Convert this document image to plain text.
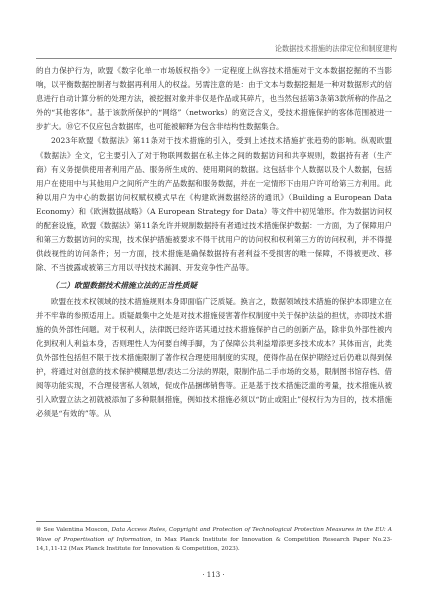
论数据技术措施的法律定位和制度建构

的自力保护行为，欧盟《数字化单一市场版权指令》一定程度上纵容技术措施对于文本数据挖掘的不当影响，以平衡数据控制者与数据再利用人的权益。另需注意的是：由于文本与数据挖掘是一种对数据形式的信息进行自动计算分析的处理方法，被挖掘对象并非仅是作品或其碎片，也当然包括第3条第3款所称的作品之外的“其他客体”。基于该款所保护的“网络”（networks）的宽泛含义，受技术措施保护的客体范围被进一步扩大。⑩它不仅应包含数据库，也可能被解释为包含非结构性数据集合。

2023年欧盟《数据法》第11条对于技术措施的引入，受到上述技术措施扩张趋势的影响。纵观欧盟《数据法》全文，它主要引入了对于物联网数据在私主体之间的数据访问和共享规则，数据持有者（生产商）有义务提供使用者利用产品、服务所生成的、使用期间的数据。这包括非个人数据以及个人数据，包括用户在使用中与其他用户之间所产生的产品数据和服务数据，并在一定情形下由用户许可给第三方利用。此种以用户为中心的数据访问权赋权模式早在《构建欧洲数据经济的通讯》（Building a European Data Economy）和《欧洲数据战略》（A European Strategy for Data）等文件中初见雏形。作为数据访问权的配套设施，欧盟《数据法》第11条允许并规制数据持有者通过技术措施保护数据：一方面，为了保障用户和第三方数据访问的实现，技术保护措施被要求不得干扰用户的访问权和权利第三方的访问权利，并不得提供歧视性的访问条件；另一方面，技术措施是确保数据持有者利益不受损害的唯一保障，不得被更改、移除、不当披露或被第三方用以寻找技术漏洞、开发竞争性产品等。

（二）欧盟数据技术措施立法的正当性质疑

欧盟在技术权领域的技术措施规则本身即面临广泛质疑。换言之，数据领域技术措施的保护本即建立在并不牢靠的参照适用上。质疑最集中之处是对技术措施侵害著作权制度中关于保护法益的担忧，亦即技术措施的负外部性问题。对于权利人，法律既已经许诺其通过技术措施保护自己的创新产品，除非负外部性被内化到权利人利益本身，否则理性人为何要自缚手脚，为了保障公共利益增添更多技术成本？其体而言，此类负外部性包括但不限于技术措施限制了著作权合理使用制度的实现，使得作品在保护期经过后仍难以得到保护，将通过对创意的技术保护模糊思想/表达二分法的界限，限制作品二手市场的交易，限制图书馆存档、借阅等功能实现，不合理侵害私人领域，促成作品捆绑销售等。正是基于技术措施泛滥的考量，技术措施从被引入欧盟立法之初就被添加了多种限制措施，例如技术措施必须以“防止或阻止”侵权行为为目的，技术措施必须是“有效的”等。从

⑩ See Valentina Moscon, Data Access Rules, Copyright and Protection of Technological Protection Measures in the EU: A Wave of Propertisation of Information, in Max Planck Institute for Innovation & Competition Research Paper No.23-14,1,11-12 (Max Planck Institute for Innovation & Competition, 2023).
· 113 ·
